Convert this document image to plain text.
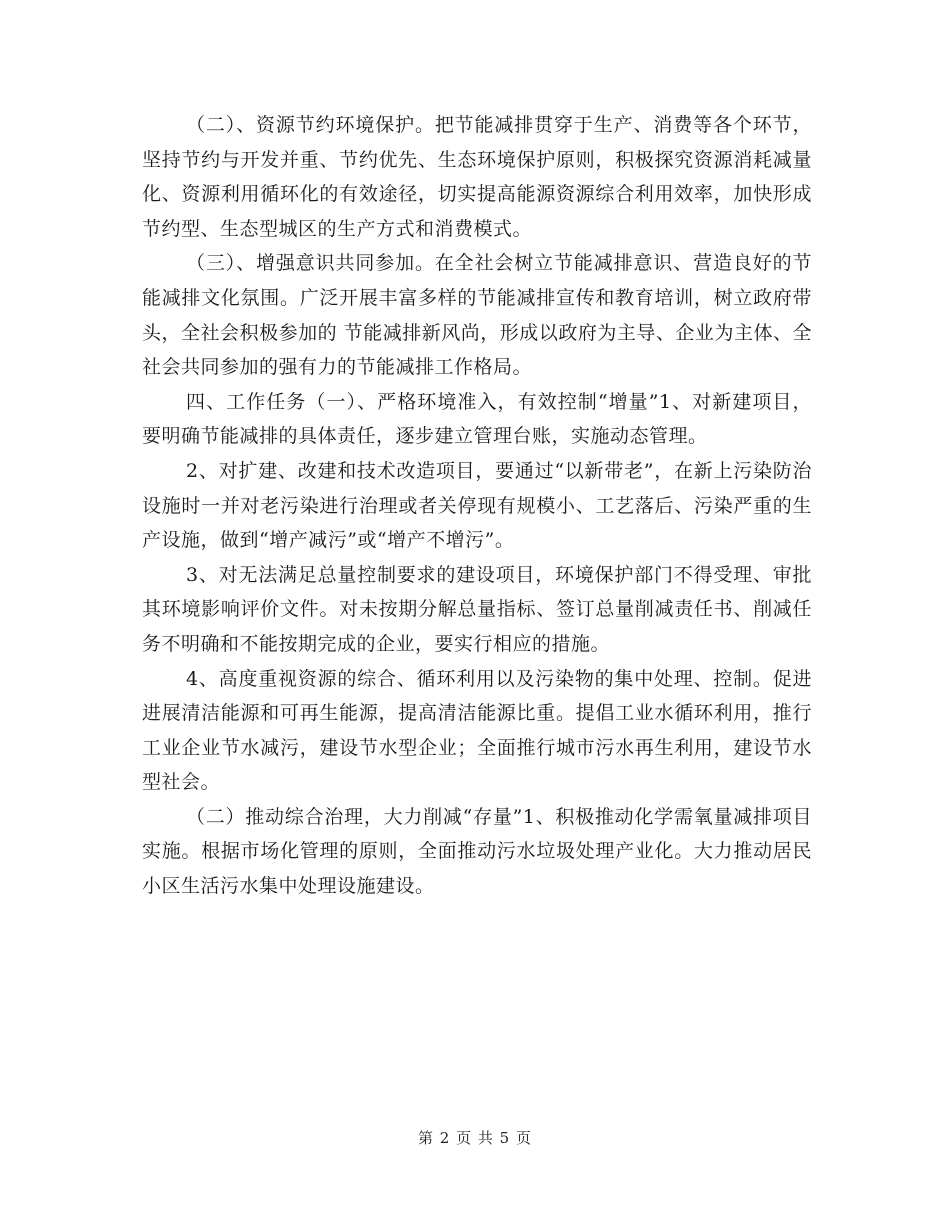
（二）、资源节约环境保护。把节能减排贯穿于生产、消费等各个环节，坚持节约与开发并重、节约优先、生态环境保护原则，积极探究资源消耗减量化、资源利用循环化的有效途径，切实提高能源资源综合利用效率，加快形成节约型、生态型城区的生产方式和消费模式。

（三）、增强意识共同参加。在全社会树立节能减排意识、营造良好的节能减排文化氛围。广泛开展丰富多样的节能减排宣传和教育培训，树立政府带头，全社会积极参加的 节能减排新风尚，形成以政府为主导、企业为主体、全社会共同参加的强有力的节能减排工作格局。

四、工作任务（一）、严格环境准入，有效控制“增量”1、对新建项目，要明确节能减排的具体责任，逐步建立管理台账，实施动态管理。

2、对扩建、改建和技术改造项目，要通过“以新带老”，在新上污染防治设施时一并对老污染进行治理或者关停现有规模小、工艺落后、污染严重的生产设施，做到“增产减污”或“增产不增污”。

3、对无法满足总量控制要求的建设项目，环境保护部门不得受理、审批其环境影响评价文件。对未按期分解总量指标、签订总量削减责任书、削减任务不明确和不能按期完成的企业，要实行相应的措施。

4、高度重视资源的综合、循环利用以及污染物的集中处理、控制。促进进展清洁能源和可再生能源，提高清洁能源比重。提倡工业水循环利用，推行工业企业节水减污，建设节水型企业；全面推行城市污水再生利用，建设节水型社会。

（二）推动综合治理，大力削减“存量”1、积极推动化学需氧量减排项目实施。根据市场化管理的原则，全面推动污水垃圾处理产业化。大力推动居民小区生活污水集中处理设施建设。

第 2 页 共 5 页
